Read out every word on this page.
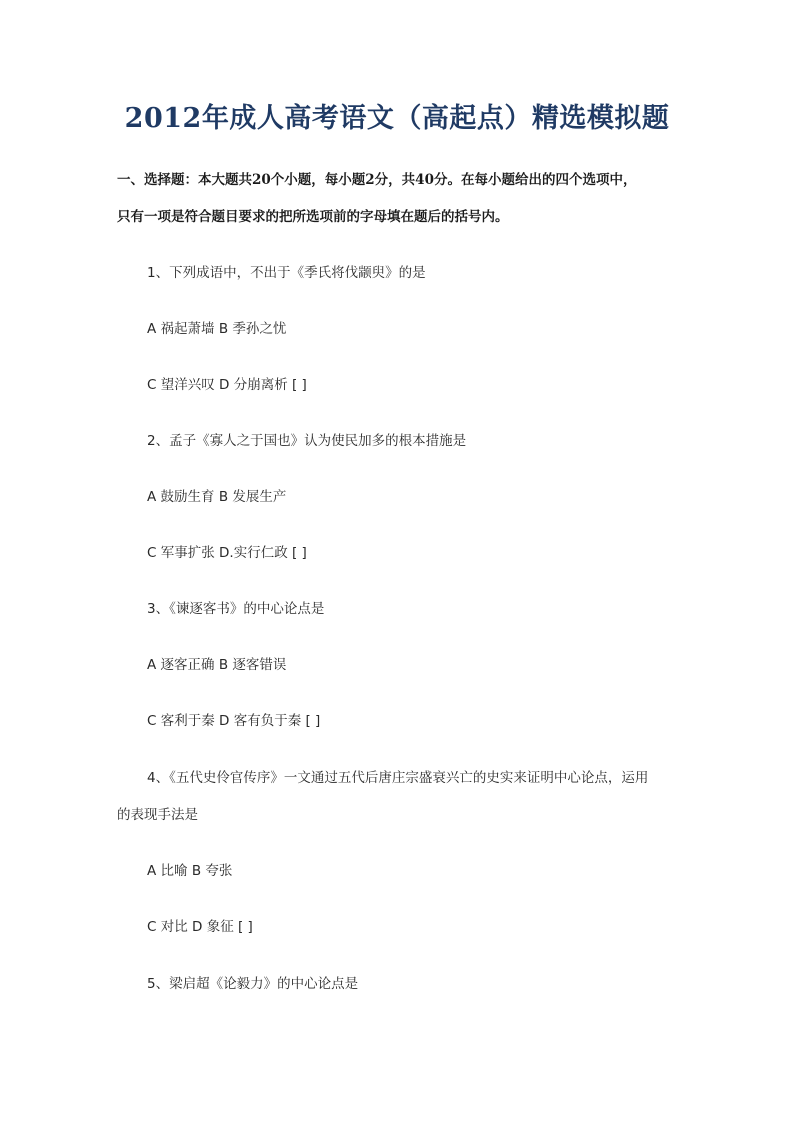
2012年成人高考语文（高起点）精选模拟题
一、选择题：本大题共20个小题，每小题2分，共40分。在每小题给出的四个选项中，
只有一项是符合题目要求的把所选项前的字母填在题后的括号内。
1、下列成语中，不出于《季氏将伐颛臾》的是
A 祸起萧墙 B 季孙之忧
C 望洋兴叹 D 分崩离析 [ ]
2、孟子《寡人之于国也》认为使民加多的根本措施是
A 鼓励生育 B 发展生产
C 军事扩张 D.实行仁政 [ ]
3、《谏逐客书》的中心论点是
A 逐客正确 B 逐客错误
C 客利于秦 D 客有负于秦 [ ]
4、《五代史伶官传序》一文通过五代后唐庄宗盛衰兴亡的史实来证明中心论点，运用
的表现手法是
A 比喻 B 夸张
C 对比 D 象征 [ ]
5、梁启超《论毅力》的中心论点是
